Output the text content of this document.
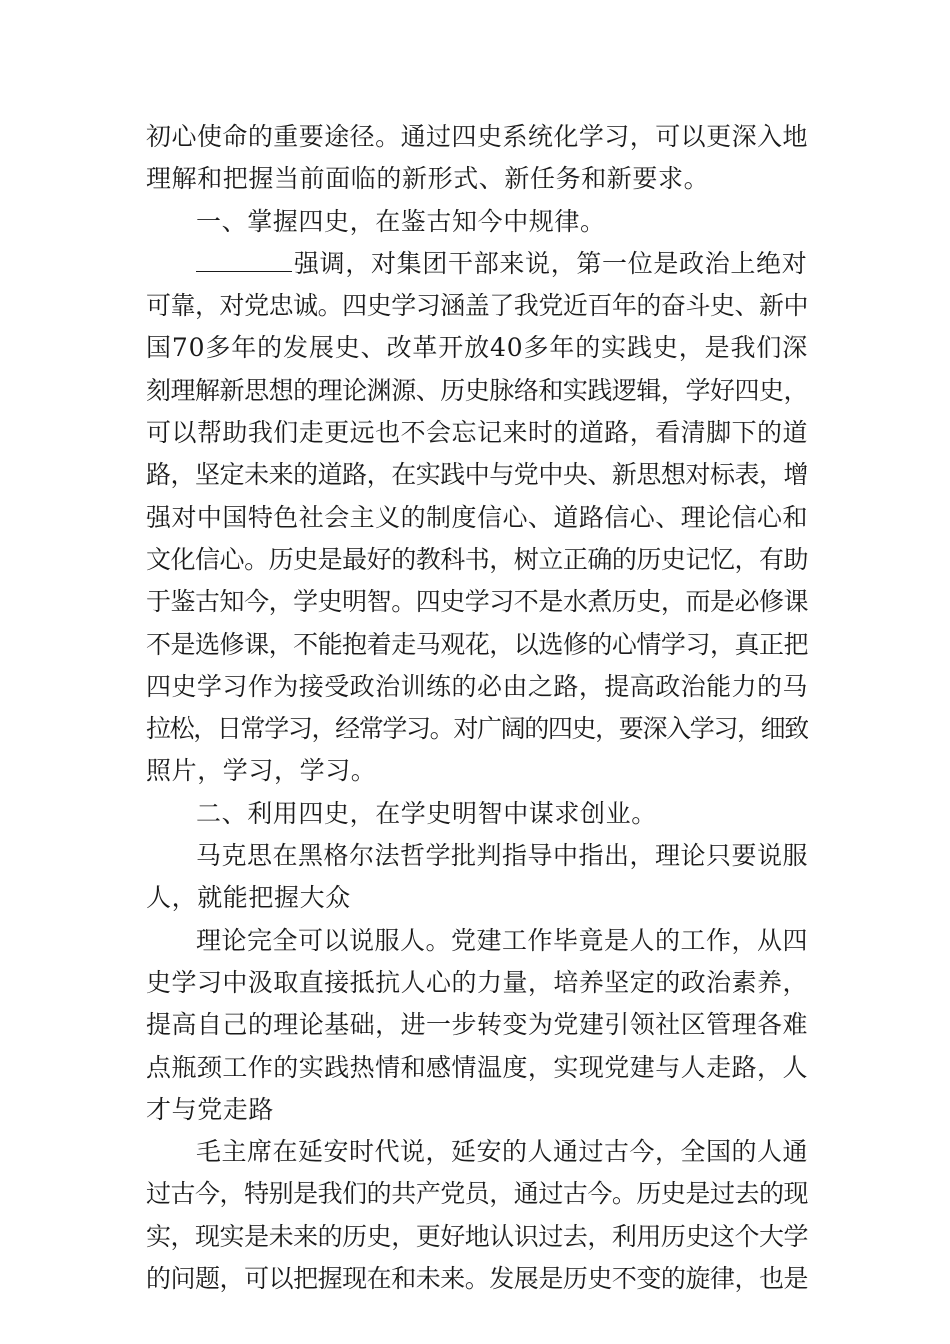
初心使命的重要途径。通过四史系统化学习，可以更深入地
理解和把握当前面临的新形式、新任务和新要求。
一、掌握四史，在鉴古知今中规律。
强调，对集团干部来说，第一位是政治上绝对
可靠，对党忠诚。四史学习涵盖了我党近百年的奋斗史、新中
国70多年的发展史、改革开放40多年的实践史，是我们深
刻理解新思想的理论渊源、历史脉络和实践逻辑，学好四史，
可以帮助我们走更远也不会忘记来时的道路，看清脚下的道
路，坚定未来的道路，在实践中与党中央、新思想对标表，增
强对中国特色社会主义的制度信心、道路信心、理论信心和
文化信心。历史是最好的教科书，树立正确的历史记忆，有助
于鉴古知今，学史明智。四史学习不是水煮历史，而是必修课
不是选修课，不能抱着走马观花，以选修的心情学习，真正把
四史学习作为接受政治训练的必由之路，提高政治能力的马
拉松，日常学习，经常学习。对广阔的四史，要深入学习，细致
照片，学习，学习。
二、利用四史，在学史明智中谋求创业。
马克思在黑格尔法哲学批判指导中指出，理论只要说服
人，就能把握大众
理论完全可以说服人。党建工作毕竟是人的工作，从四
史学习中汲取直接抵抗人心的力量，培养坚定的政治素养，
提高自己的理论基础，进一步转变为党建引领社区管理各难
点瓶颈工作的实践热情和感情温度，实现党建与人走路，人
才与党走路
毛主席在延安时代说，延安的人通过古今，全国的人通
过古今，特别是我们的共产党员，通过古今。历史是过去的现
实，现实是未来的历史，更好地认识过去，利用历史这个大学
的问题，可以把握现在和未来。发展是历史不变的旋律，也是
